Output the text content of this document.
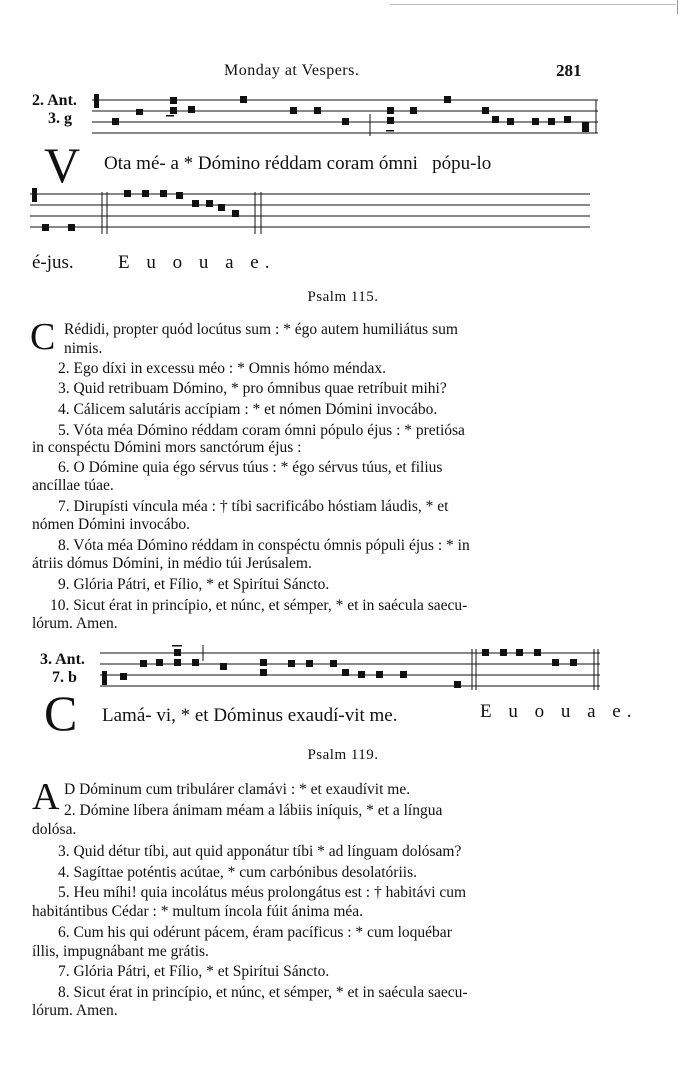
Monday at Vespers.	281
2. Ant.
3. g
V Ota mé- a * Dómino réddam coram ómni   pópu-lo
é-jus. E u o u a e.
Psalm 115.
C Rédidi, propter quód locútus sum : * égo autem humiliátus sum
nimis.
2. Ego díxi in excessu méo : * Omnis hómo méndax.
3. Quid retribuam Dómino, * pro ómnibus quae retríbuit mihi?
4. Cálicem salutáris accípiam : * et nómen Dómini invocábo.
5. Vóta méa Dómino réddam coram ómni pópulo éjus : * pretiósa
in conspéctu Dómini mors sanctórum éjus :
6. O Dómine quia égo sérvus túus : * égo sérvus túus, et filius
ancíllae túae.
7. Dirupísti víncula méa : † tíbi sacrificábo hóstiam láudis, * et
nómen Dómini invocábo.
8. Vóta méa Dómino réddam in conspéctu ómnis pópuli éjus : * in
átriis dómus Dómini, in médio túi Jerúsalem.
9. Glória Pátri, et Fílio, * et Spirítui Sáncto.
10. Sicut érat in princípio, et núnc, et sémper, * et in saécula saecu-
lórum. Amen.
3. Ant.
7. b
C Lamá- vi, * et Dóminus exaudí-vit me.	E u o u a e.
Psalm 119.
A D Dóminum cum tribulárer clamávi : * et exaudívit me.
2. Dómine líbera ánimam méam a lábiis iníquis, * et a língua
dolósa.
3. Quid détur tíbi, aut quid apponátur tíbi * ad línguam dolósam?
4. Sagíttae poténtis acútae, * cum carbónibus desolatóriis.
5. Heu míhi! quia incolátus méus prolongátus est : † habitávi cum
habitántibus Cédar : * multum íncola fúit ánima méa.
6. Cum his qui odérunt pácem, éram pacíficus : * cum loquébar
íllis, impugnábant me grátis.
7. Glória Pátri, et Fílio, * et Spirítui Sáncto.
8. Sicut érat in princípio, et núnc, et sémper, * et in saécula saecu-
lórum. Amen.
